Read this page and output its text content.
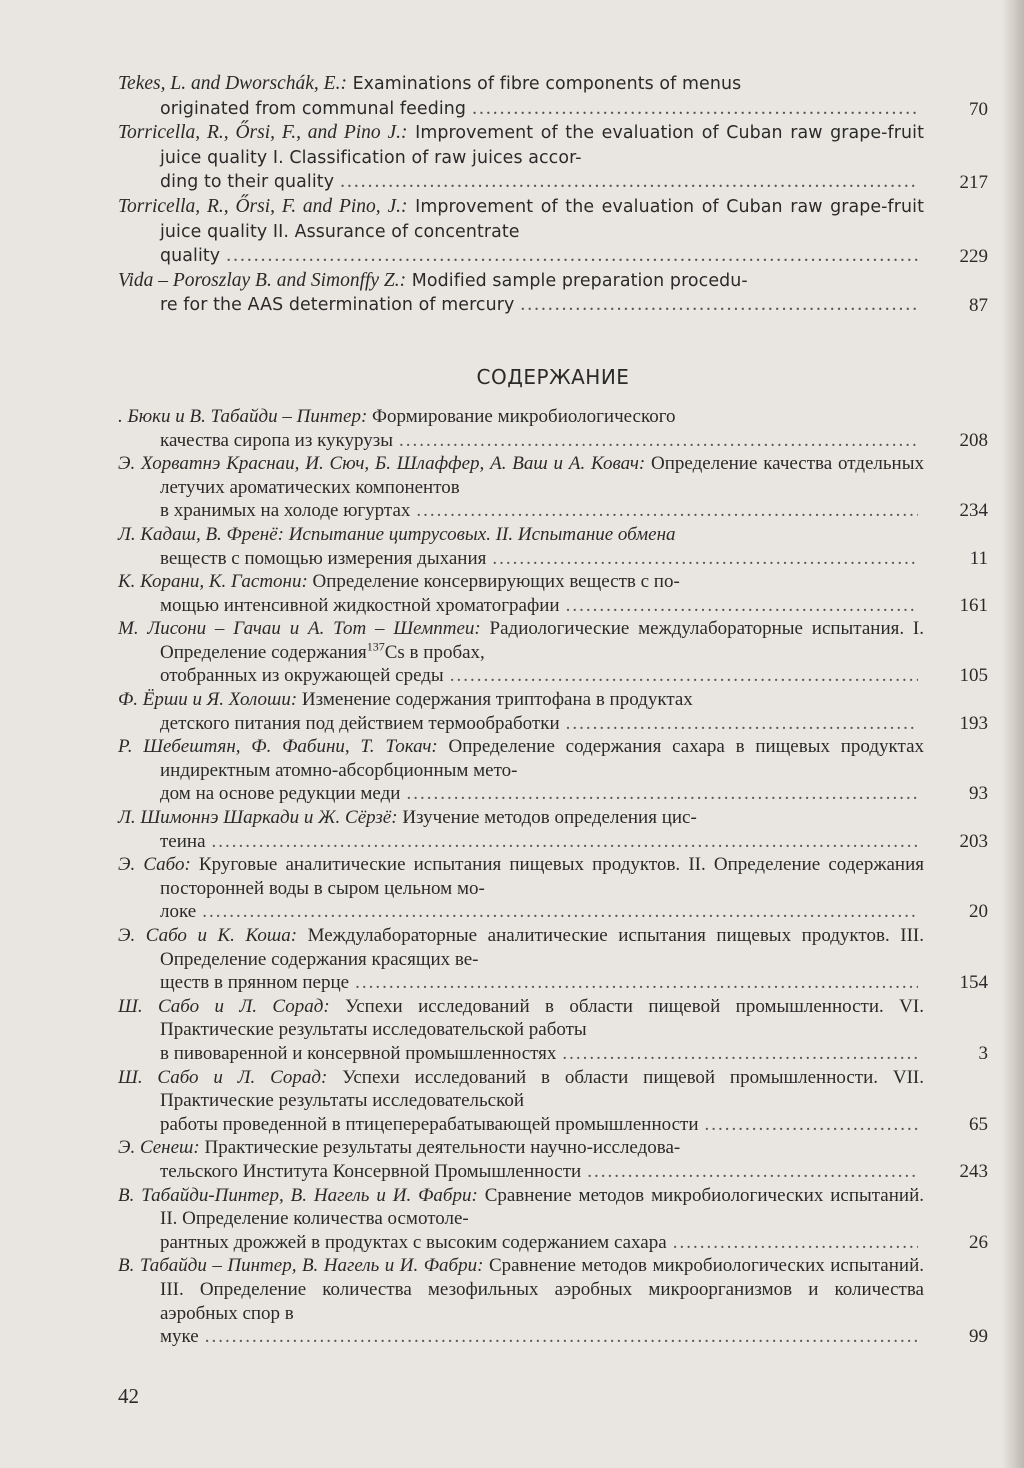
Tekes, L. and Dworschák, E.: Examinations of fibre components of menus
originated from communal feeding .....	70
Torricella, R., Őrsi, F., and Pino J.: Improvement of the evaluation of Cuban raw grape-fruit juice quality I. Classification of raw juices accor-
ding to their quality .....	217
Torricella, R., Őrsi, F. and Pino, J.: Improvement of the evaluation of Cuban raw grape-fruit juice quality II. Assurance of concentrate
quality .....	229
Vida – Poroszlay B. and Simonffy Z.: Modified sample preparation procedu-
re for the AAS determination of mercury .....	87
СОДЕРЖАНИЕ
. Бюки и В. Табайди – Пинтер: Формирование микробиологического
качества сиропа из кукурузы .....	208
Э. Хорватнэ Краснаи, И. Сюч, Б. Шлаффер, А. Ваш и А. Ковач: Определение качества отдельных летучих ароматических компонентов
в хранимых на холоде югуртах .....	234
Л. Кадаш, В. Френё: Испытание цитрусовых. II. Испытание обмена
веществ с помощью измерения дыхания .....	11
К. Корани, К. Гастони: Определение консервирующих веществ с по-
мощью интенсивной жидкостной хроматографии .....	161
М. Лисони – Гачаи и А. Тот – Шемптеи: Радиологические междулабораторные испытания. I. Определение содержания$^{137}$Cs в пробах,
отобранных из окружающей среды .....	105
Ф. Ёрши и Я. Холоши: Изменение содержания триптофана в продуктах
детского питания под действием термообработки .....	193
Р. Шебештян, Ф. Фабини, Т. Токач: Определение содержания сахара в пищевых продуктах индиректным атомно-абсорбционным мето-
дом на основе редукции меди .....	93
Л. Шимоннэ Шаркади и Ж. Сёрзё: Изучение методов определения цис-
теина .....	203
Э. Сабо: Круговые аналитические испытания пищевых продуктов. II. Определение содержания посторонней воды в сыром цельном мо-
локе .....	20
Э. Сабо и К. Коша: Междулабораторные аналитические испытания пищевых продуктов. III. Определение содержания красящих ве-
ществ в прянном перце .....	154
Ш. Сабо и Л. Сорад: Успехи исследований в области пищевой промышленности. VI. Практические результаты исследовательской работы
в пивоваренной и консервной промышленностях .....	3
Ш. Сабо и Л. Сорад: Успехи исследований в области пищевой промышленности. VII. Практические результаты исследовательской
работы проведенной в птицеперерабатывающей промышленности .....	65
Э. Сенеш: Практические результаты деятельности научно-исследова-
тельского Института Консервной Промышленности .....	243
В. Табайди-Пинтер, В. Нагель и И. Фабри: Сравнение методов микробиологических испытаний. II. Определение количества осмотоле-
рантных дрожжей в продуктах с высоким содержанием сахара .....	26
В. Табайди – Пинтер, В. Нагель и И. Фабри: Сравнение методов микробиологических испытаний. III. Определение количества мезофильных аэробных микроорганизмов и количества аэробных спор в
муке .....	99
42
